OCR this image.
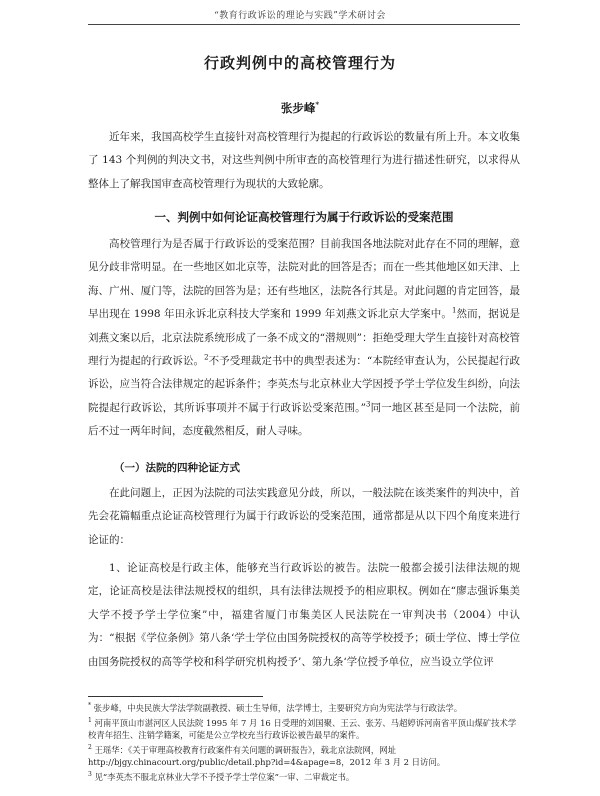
“教育行政诉讼的理论与实践”学术研讨会
行政判例中的高校管理行为
张步峰*

近年来，我国高校学生直接针对高校管理行为提起的行政诉讼的数量有所上升。本文收集了 143 个判例的判决文书，对这些判例中所审查的高校管理行为进行描述性研究，以求得从整体上了解我国审查高校管理行为现状的大致轮廓。

一、判例中如何论证高校管理行为属于行政诉讼的受案范围

高校管理行为是否属于行政诉讼的受案范围？目前我国各地法院对此存在不同的理解，意见分歧非常明显。在一些地区如北京等，法院对此的回答是否；而在一些其他地区如天津、上海、广州、厦门等，法院的回答为是；还有些地区，法院各行其是。对此问题的肯定回答，最早出现在 1998 年田永诉北京科技大学案和 1999 年刘燕文诉北京大学案中。$^1$然而，据说是刘燕文案以后，北京法院系统形成了一条不成文的“潜规则”：拒绝受理大学生直接针对高校管理行为提起的行政诉讼。$^2$不予受理裁定书中的典型表述为：“本院经审查认为，公民提起行政诉讼，应当符合法律规定的起诉条件；李英杰与北京林业大学因授予学士学位发生纠纷，向法院提起行政诉讼，其所诉事项并不属于行政诉讼受案范围。”$^3$同一地区甚至是同一个法院，前后不过一两年时间，态度截然相反，耐人寻味。

（一）法院的四种论证方式

在此问题上，正因为法院的司法实践意见分歧，所以，一般法院在该类案件的判决中，首先会花篇幅重点论证高校管理行为属于行政诉讼的受案范围，通常都是从以下四个角度来进行论证的：

1、论证高校是行政主体，能够充当行政诉讼的被告。法院一般都会援引法律法规的规定，论证高校是法律法规授权的组织，具有法律法规授予的相应职权。例如在“廖志强诉集美大学不授予学士学位案”中，福建省厦门市集美区人民法院在一审判决书（2004）中认为：“根据《学位条例》第八条‘学士学位由国务院授权的高等学校授予；硕士学位、博士学位由国务院授权的高等学校和科学研究机构授予’、第九条‘学位授予单位，应当设立学位评

* 张步峰，中央民族大学法学院副教授、硕士生导师，法学博士，主要研究方向为宪法学与行政法学。

$^1$ 河南平顶山市湛河区人民法院 1995 年 7 月 16 日受理的刘国聚、王云、张芳、马超婷诉河南省平顶山煤矿技术学校青年招生、注销学籍案，可能是公立学校充当行政诉讼被告最早的案件。

$^2$ 王瑶华：《关于审理高校教育行政案件有关问题的调研报告》，载北京法院网，网址 http://bjgy.chinacourt.org/public/detail.php?id=4&apage=8，2012 年 3 月 2 日访问。

$^3$ 见“李英杰不服北京林业大学不予授予学士学位案”一审、二审裁定书。
